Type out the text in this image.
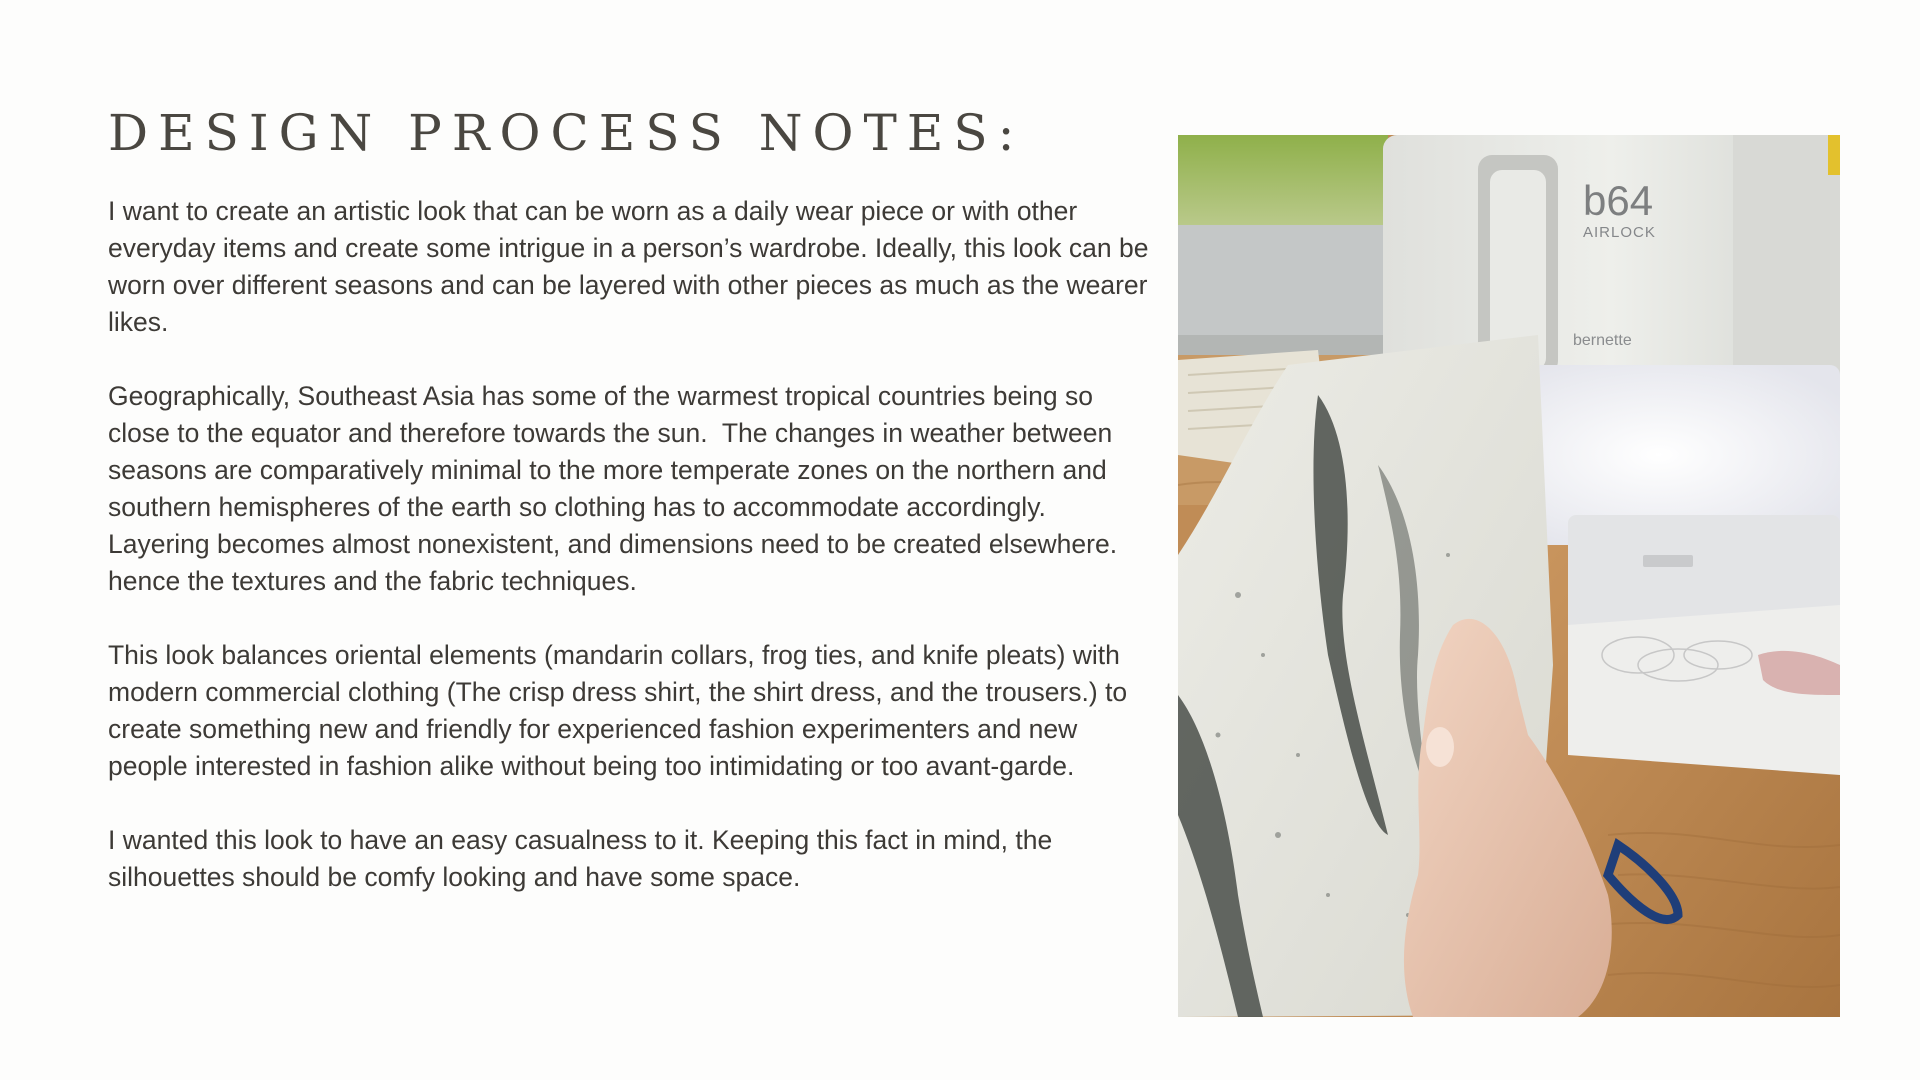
DESIGN PROCESS NOTES:

I want to create an artistic look that can be worn as a daily wear piece or with other everyday items and create some intrigue in a person’s wardrobe. Ideally, this look can be worn over different seasons and can be layered with other pieces as much as the wearer likes.

Geographically, Southeast Asia has some of the warmest tropical countries being so close to the equator and therefore towards the sun.  The changes in weather between seasons are comparatively minimal to the more temperate zones on the northern and southern hemispheres of the earth so clothing has to accommodate accordingly. Layering becomes almost nonexistent, and dimensions need to be created elsewhere. hence the textures and the fabric techniques.

This look balances oriental elements (mandarin collars, frog ties, and knife pleats) with modern commercial clothing (The crisp dress shirt, the shirt dress, and the trousers.) to create something new and friendly for experienced fashion experimenters and new people interested in fashion alike without being too intimidating or too avant-garde.

I wanted this look to have an easy casualness to it. Keeping this fact in mind, the silhouettes should be comfy looking and have some space.

b64
AIRLOCK
bernette
